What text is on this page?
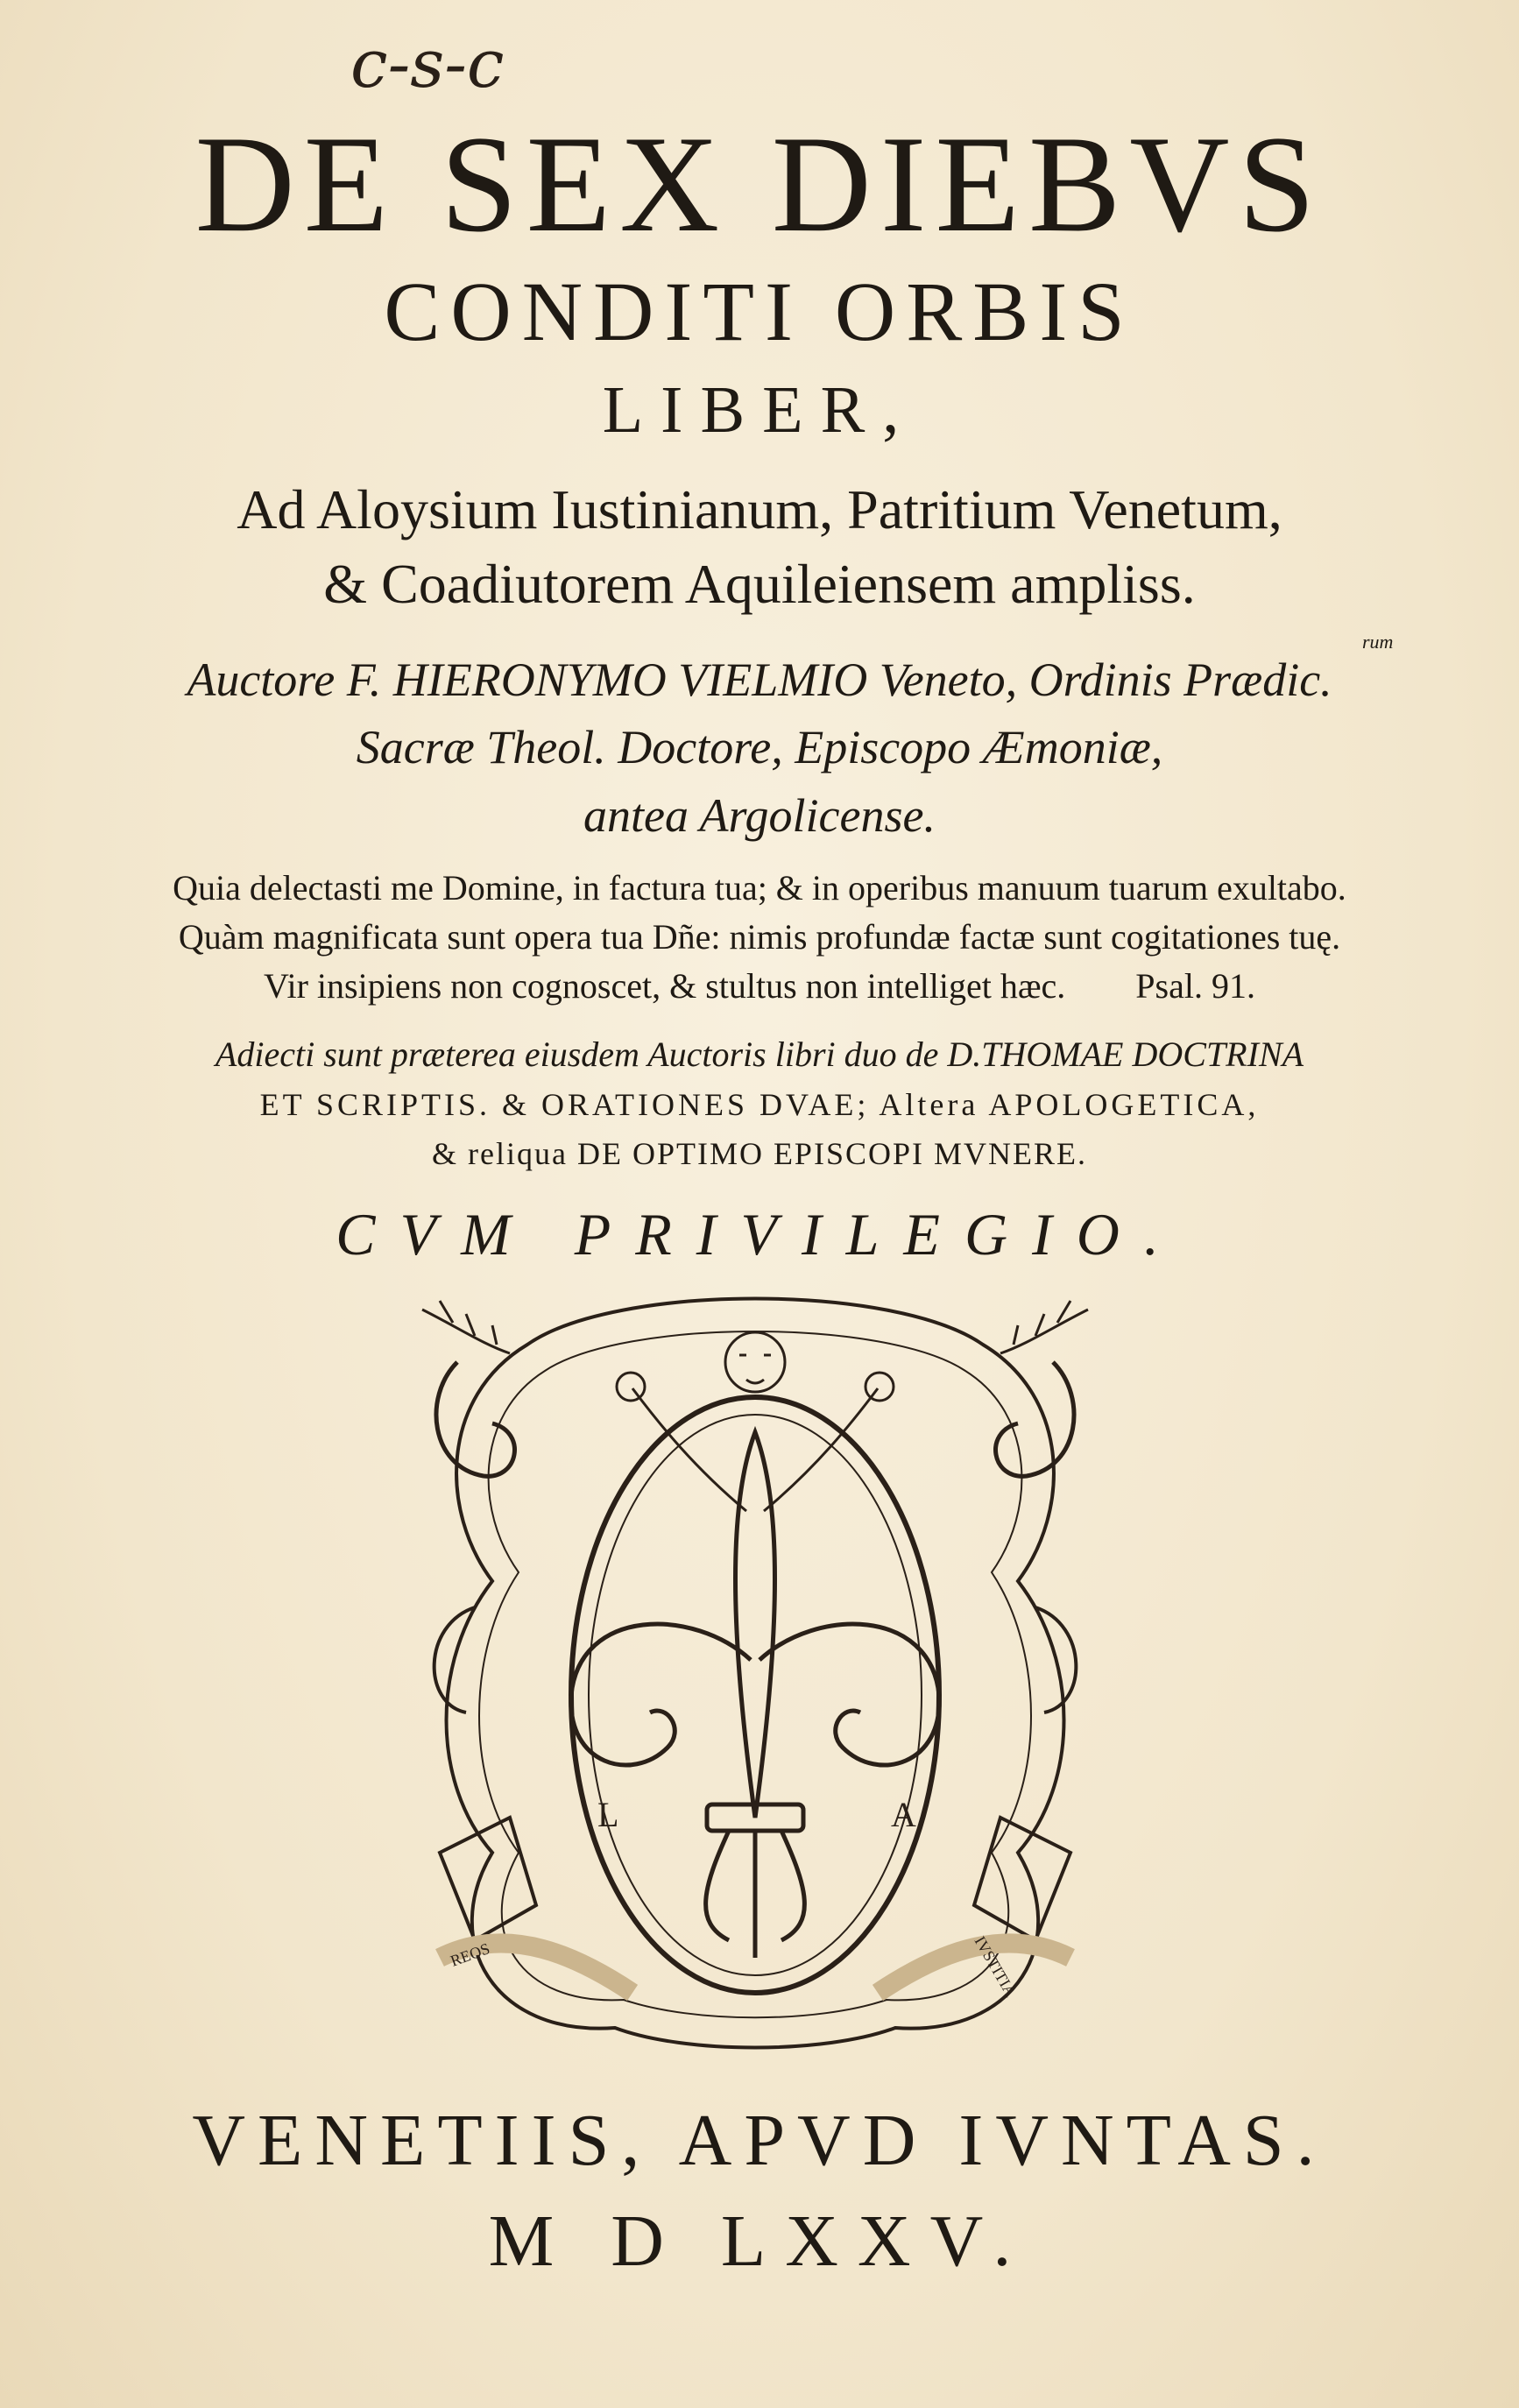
c-s-c
DE SEX DIEBVS
CONDITI ORBIS
LIBER,
Ad Aloysium Iustinianum, Patritium Venetum,
& Coadiutorem Aquileiensem ampliss.
rum
Auctore F. HIERONYMO VIELMIO Veneto, Ordinis Prædic.
Sacræ Theol. Doctore, Episcopo Æmoniæ,
antea Argolicense.
Quia delectasti me Domine, in factura tua; & in operibus manuum tuarum exultabo.
Quàm magnificata sunt opera tua Dñe: nimis profundæ factæ sunt cogitationes tuę.
Vir insipiens non cognoscet, & stultus non intelliget hæc. Psal. 91.
Adiecti sunt præterea eiusdem Auctoris libri duo de D.THOMAE DOCTRINA
ET SCRIPTIS. & ORATIONES DVAE; Altera APOLOGETICA,
& reliqua DE OPTIMO EPISCOPI MVNERE.
CVM PRIVILEGIO.
L	A
REOS	IVSTITIA
VENETIIS, APVD IVNTAS.
M D LXXV.
